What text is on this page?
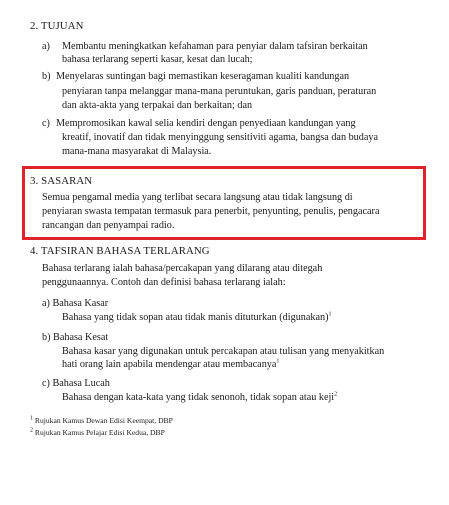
2. TUJUAN
a) Membantu meningkatkan kefahaman para penyiar dalam tafsiran berkaitan
bahasa terlarang seperti kasar, kesat dan lucah;
b) Menyelaras suntingan bagi memastikan keseragaman kualiti kandungan
penyiaran tanpa melanggar mana-mana peruntukan, garis panduan, peraturan
dan akta-akta yang terpakai dan berkaitan; dan
c) Mempromosikan kawal selia kendiri dengan penyediaan kandungan yang
kreatif, inovatif dan tidak menyinggung sensitiviti agama, bangsa dan budaya
mana-mana masyarakat di Malaysia.
3. SASARAN
Semua pengamal media yang terlibat secara langsung atau tidak langsung di
penyiaran swasta tempatan termasuk para penerbit, penyunting, penulis, pengacara
rancangan dan penyampai radio.
4. TAFSIRAN BAHASA TERLARANG
Bahasa terlarang ialah bahasa/percakapan yang dilarang atau ditegah
penggunaannya. Contoh dan definisi bahasa terlarang ialah:
a) Bahasa Kasar
Bahasa yang tidak sopan atau tidak manis dituturkan (digunakan)$^1$
b) Bahasa Kesat
Bahasa kasar yang digunakan untuk percakapan atau tulisan yang menyakitkan
hati orang lain apabila mendengar atau membacanya$^1$
c) Bahasa Lucah
Bahasa dengan kata-kata yang tidak senonoh, tidak sopan atau keji$^2$
$^1$ Rujukan Kamus Dewan Edisi Keempat, DBP
$^2$ Rujukan Kamus Pelajar Edisi Kedua, DBP
